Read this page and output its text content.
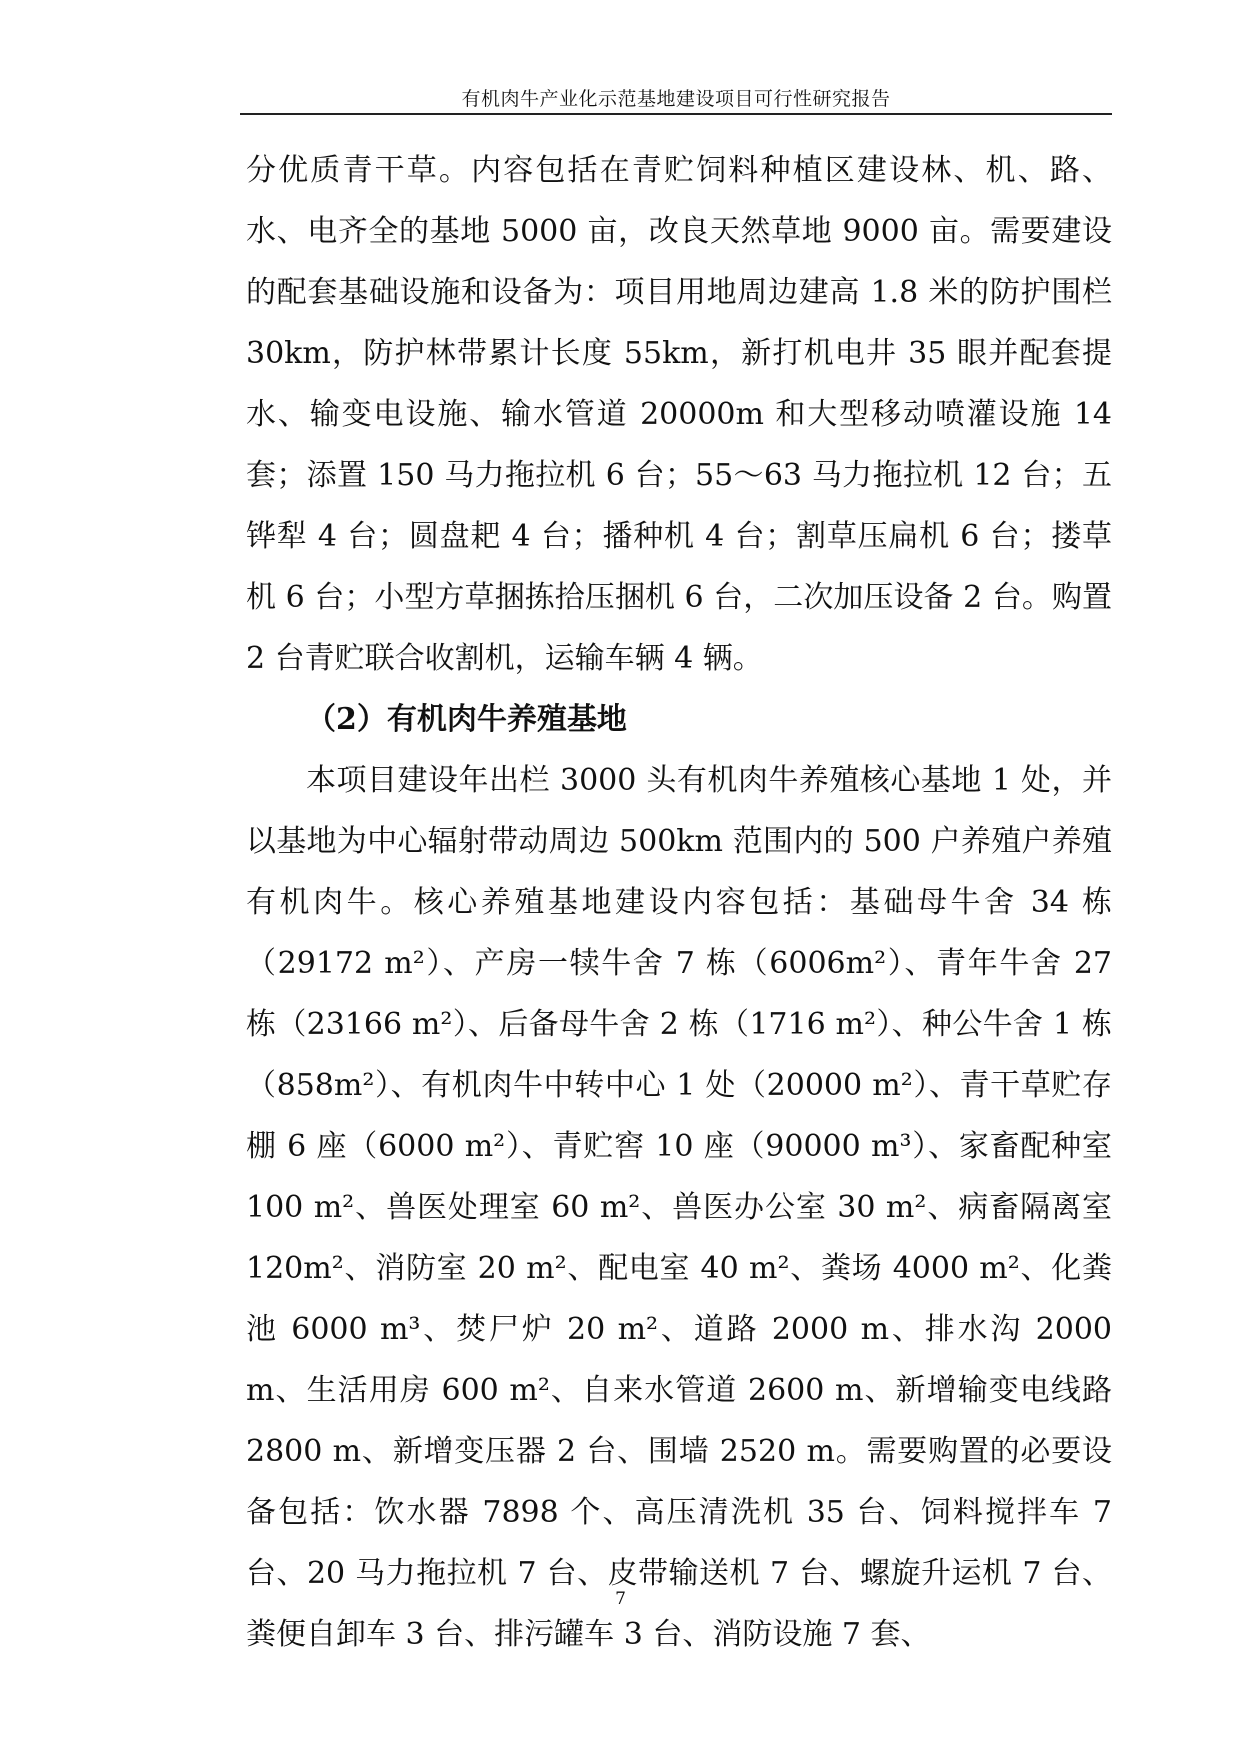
有机肉牛产业化示范基地建设项目可行性研究报告

分优质青干草。内容包括在青贮饲料种植区建设林、机、路、水、电齐全的基地 5000 亩，改良天然草地 9000 亩。需要建设的配套基础设施和设备为：项目用地周边建高 1.8 米的防护围栏 30km，防护林带累计长度 55km，新打机电井 35 眼并配套提水、输变电设施、输水管道 20000m 和大型移动喷灌设施 14 套；添置 150 马力拖拉机 6 台；55～63 马力拖拉机 12 台；五铧犁 4 台；圆盘耙 4 台；播种机 4 台；割草压扁机 6 台；搂草机 6 台；小型方草捆拣拾压捆机 6 台，二次加压设备 2 台。购置 2 台青贮联合收割机，运输车辆 4 辆。

（2）有机肉牛养殖基地

本项目建设年出栏 3000 头有机肉牛养殖核心基地 1 处，并以基地为中心辐射带动周边 500km 范围内的 500 户养殖户养殖有机肉牛。核心养殖基地建设内容包括：基础母牛舍 34 栋（29172 m²）、产房一犊牛舍 7 栋（6006m²）、青年牛舍 27 栋（23166 m²）、后备母牛舍 2 栋（1716 m²）、种公牛舍 1 栋（858m²）、有机肉牛中转中心 1 处（20000 m²）、青干草贮存棚 6 座（6000 m²）、青贮窖 10 座（90000 m³）、家畜配种室 100 m²、兽医处理室 60 m²、兽医办公室 30 m²、病畜隔离室 120m²、消防室 20 m²、配电室 40 m²、粪场 4000 m²、化粪池 6000 m³、焚尸炉 20 m²、道路 2000 m、排水沟 2000 m、生活用房 600 m²、自来水管道 2600 m、新增输变电线路 2800 m、新增变压器 2 台、围墙 2520 m。需要购置的必要设备包括：饮水器 7898 个、高压清洗机 35 台、饲料搅拌车 7 台、20 马力拖拉机 7 台、皮带输送机 7 台、螺旋升运机 7 台、粪便自卸车 3 台、排污罐车 3 台、消防设施 7 套、

7
